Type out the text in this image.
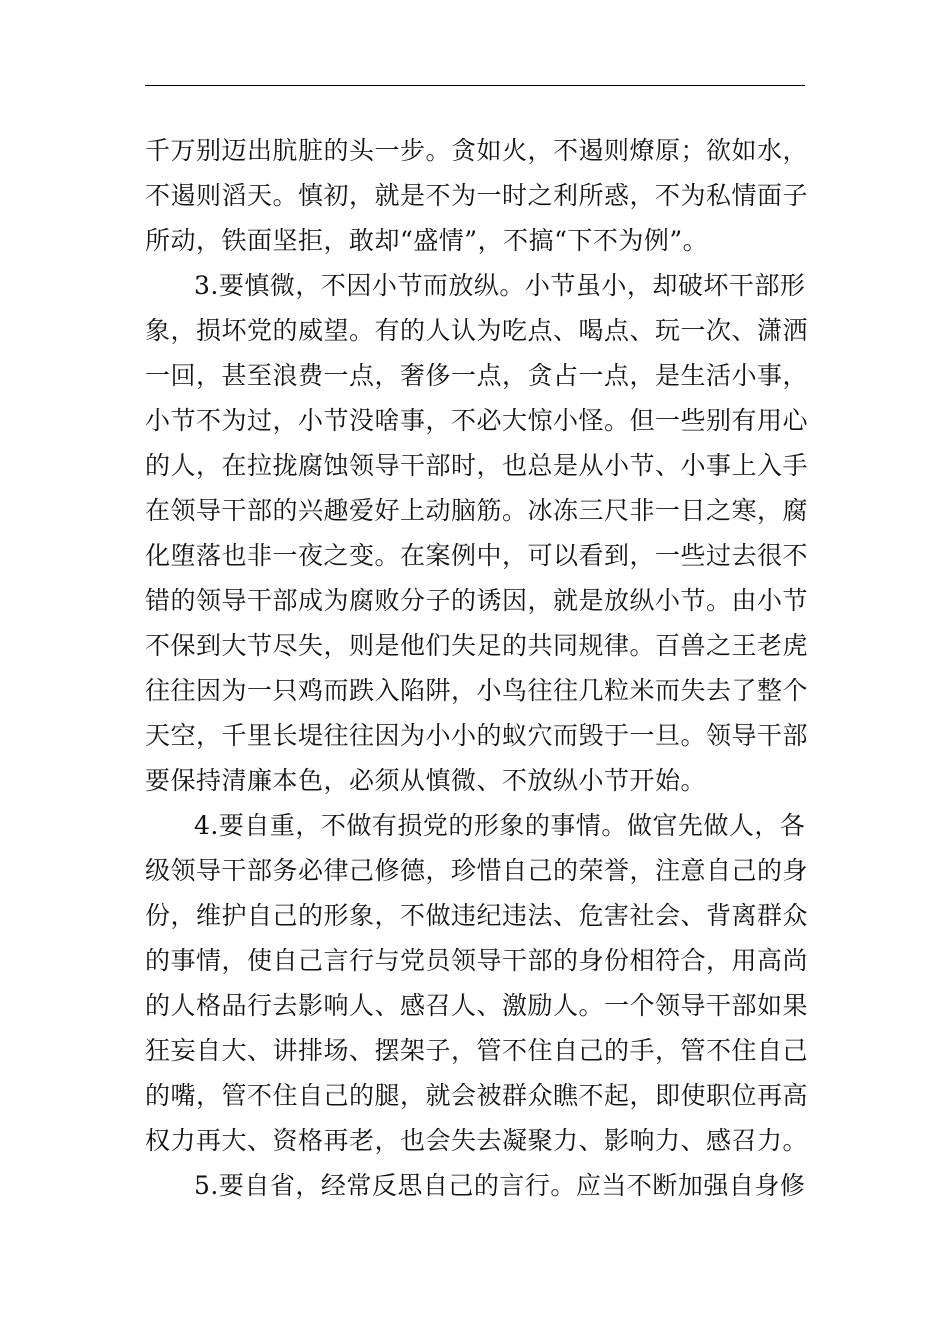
千万别迈出肮脏的头一步。贪如火，不遏则燎原；欲如水，
不遏则滔天。慎初，就是不为一时之利所惑，不为私情面子
所动，铁面坚拒，敢却“盛情”，不搞“下不为例”。
3.要慎微，不因小节而放纵。小节虽小，却破坏干部形
象，损坏党的威望。有的人认为吃点、喝点、玩一次、潇洒
一回，甚至浪费一点，奢侈一点，贪占一点，是生活小事，
小节不为过，小节没啥事，不必大惊小怪。但一些别有用心
的人，在拉拢腐蚀领导干部时，也总是从小节、小事上入手
在领导干部的兴趣爱好上动脑筋。冰冻三尺非一日之寒，腐
化堕落也非一夜之变。在案例中，可以看到，一些过去很不
错的领导干部成为腐败分子的诱因，就是放纵小节。由小节
不保到大节尽失，则是他们失足的共同规律。百兽之王老虎
往往因为一只鸡而跌入陷阱，小鸟往往几粒米而失去了整个
天空，千里长堤往往因为小小的蚁穴而毁于一旦。领导干部
要保持清廉本色，必须从慎微、不放纵小节开始。
4.要自重，不做有损党的形象的事情。做官先做人，各
级领导干部务必律己修德，珍惜自己的荣誉，注意自己的身
份，维护自己的形象，不做违纪违法、危害社会、背离群众
的事情，使自己言行与党员领导干部的身份相符合，用高尚
的人格品行去影响人、感召人、激励人。一个领导干部如果
狂妄自大、讲排场、摆架子，管不住自己的手，管不住自己
的嘴，管不住自己的腿，就会被群众瞧不起，即使职位再高
权力再大、资格再老，也会失去凝聚力、影响力、感召力。
5.要自省，经常反思自己的言行。应当不断加强自身修
